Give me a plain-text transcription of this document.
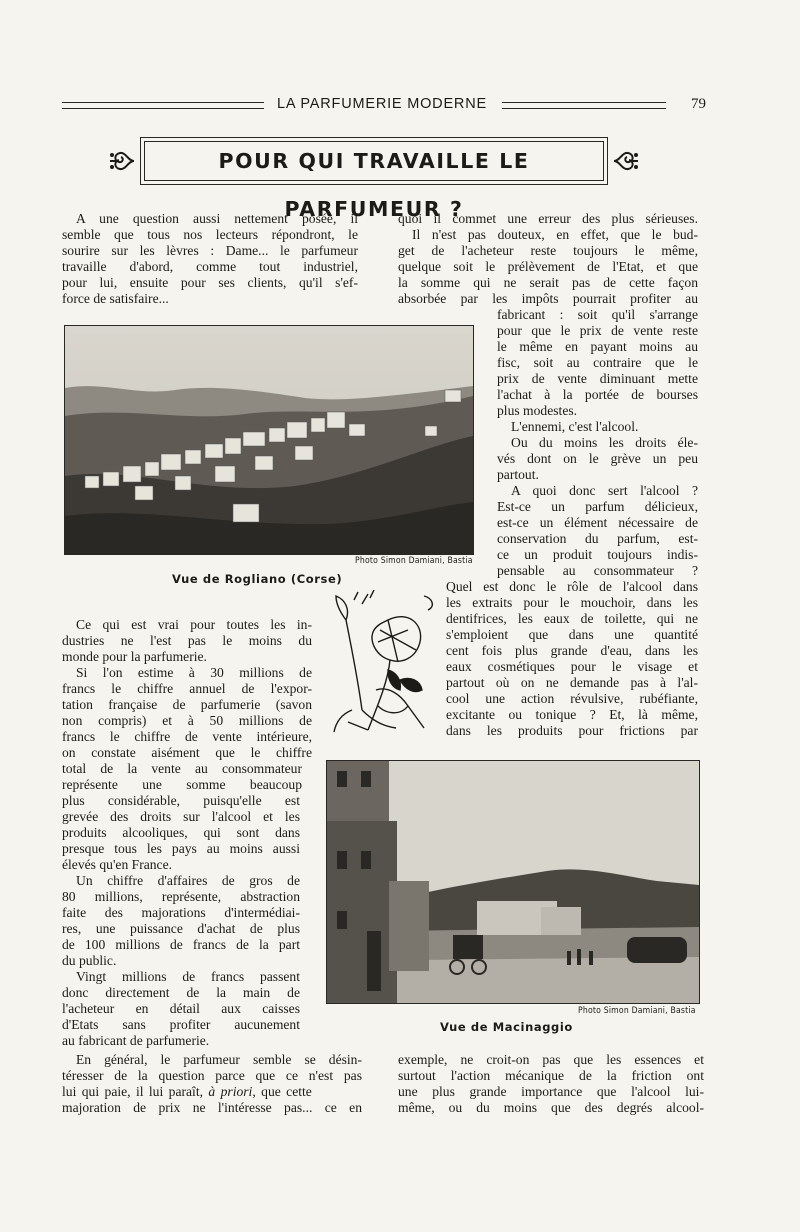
LA PARFUMERIE MODERNE	79
POUR QUI TRAVAILLE LE PARFUMEUR ?
A une question aussi nettement posée, il
semble que tous nos lecteurs répondront, le
sourire sur les lèvres : Dame... le parfumeur
travaille d'abord, comme tout industriel,
pour lui, ensuite pour ses clients, qu'il s'ef-
force de satisfaire...
quoi il commet une erreur des plus sérieuses.
Il n'est pas douteux, en effet, que le bud-
get de l'acheteur reste toujours le même,
quelque soit le prélèvement de l'Etat, et que
la somme qui ne serait pas de cette façon
absorbée par les impôts pourrait profiter au
fabricant : soit qu'il s'arrange
pour que le prix de vente reste
le même en payant moins au
fisc, soit au contraire que le
prix de vente diminuant mette
l'achat à la portée de bourses
plus modestes.
L'ennemi, c'est l'alcool.
Ou du moins les droits éle-
vés dont on le grève un peu
partout.
A quoi donc sert l'alcool ?
Est-ce un parfum délicieux,
est-ce un élément nécessaire de
conservation du parfum, est-
ce un produit toujours indis-
pensable au consommateur ?
Photo Simon Damiani, Bastia
Vue de Rogliano (Corse)	Quel est donc le rôle de l'alcool dans
les extraits pour le mouchoir, dans les
dentifrices, les eaux de toilette, qui ne
s'emploient que dans une quantité
cent fois plus grande d'eau, dans les
eaux cosmétiques pour le visage et
partout où on ne demande pas à l'al-
cool une action révulsive, rubéfiante,
excitante ou tonique ? Et, là même,
dans les produits pour frictions par
Ce qui est vrai pour toutes les in-
dustries ne l'est pas le moins du
monde pour la parfumerie.
Si l'on estime à 30 millions de
francs le chiffre annuel de l'expor-
tation française de parfumerie (savon
non compris) et à 50 millions de
francs le chiffre de vente intérieure,
on constate aisément que le chiffre
total de la vente au consommateur
représente une somme beaucoup
plus considérable, puisqu'elle est
grevée des droits sur l'alcool et les
produits alcooliques, qui sont dans
presque tous les pays au moins aussi
élevés qu'en France.
Un chiffre d'affaires de gros de
80 millions, représente, abstraction
faite des majorations d'intermédiai-
res, une puissance d'achat de plus
de 100 millions de francs de la part
du public.
Vingt millions de francs passent
donc directement de la main de
l'acheteur en détail aux caisses
d'Etats sans profiter aucunement
au fabricant de parfumerie.
Photo Simon Damiani, Bastia
Vue de Macinaggio
En général, le parfumeur semble se désin-
téresser de la question parce que ce n'est pas
lui qui paie, il lui paraît, à priori, que cette
majoration de prix ne l'intéresse pas... ce en
exemple, ne croit-on pas que les essences et
surtout l'action mécanique de la friction ont
une plus grande importance que l'alcool lui-
même, ou du moins que des degrés alcool-
